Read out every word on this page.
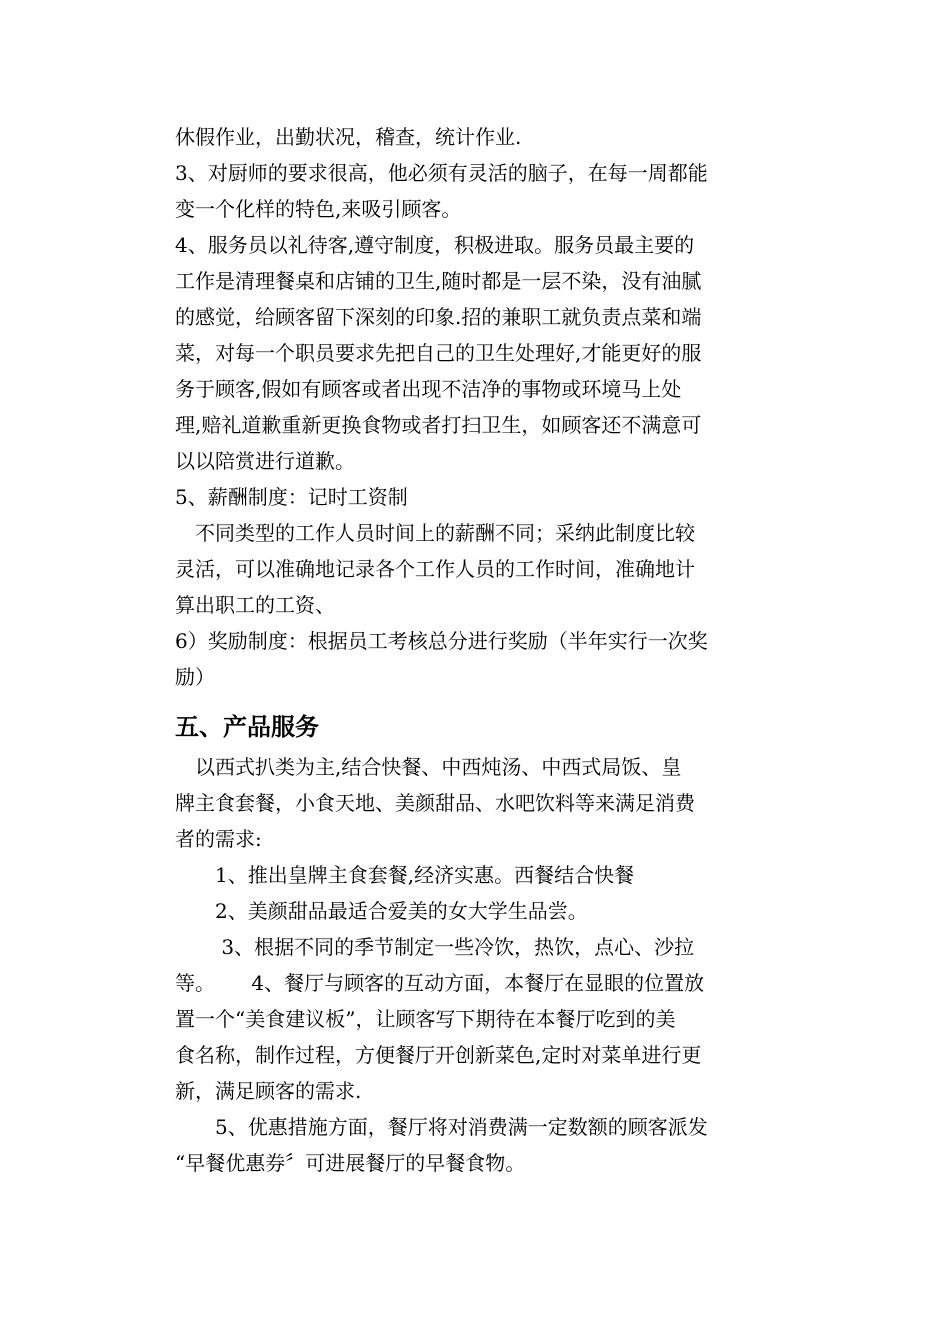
休假作业，出勤状况，稽查，统计作业.

3、对厨师的要求很高，他必须有灵活的脑子，在每一周都能

变一个化样的特色,来吸引顾客。

4、服务员以礼待客,遵守制度，积极进取。服务员最主要的

工作是清理餐桌和店铺的卫生,随时都是一层不染，没有油腻

的感觉，给顾客留下深刻的印象.招的兼职工就负责点菜和端

菜，对每一个职员要求先把自己的卫生处理好,才能更好的服

务于顾客,假如有顾客或者出现不洁净的事物或环境马上处

理,赔礼道歉重新更换食物或者打扫卫生，如顾客还不满意可

以以陪赏进行道歉。

5、薪酬制度：记时工资制

　不同类型的工作人员时间上的薪酬不同；采纳此制度比较

灵活，可以准确地记录各个工作人员的工作时间，准确地计

算出职工的工资、

6）奖励制度：根据员工考核总分进行奖励（半年实行一次奖

励）

五、产品服务

　以西式扒类为主,结合快餐、中西炖汤、中西式局饭、皇

牌主食套餐，小食天地、美颜甜品、水吧饮料等来满足消费

者的需求:

　　1、推出皇牌主食套餐,经济实惠。西餐结合快餐

　　2、美颜甜品最适合爱美的女大学生品尝。

　　 3、根据不同的季节制定一些冷饮，热饮，点心、沙拉

等。　　 4、餐厅与顾客的互动方面，本餐厅在显眼的位置放

置一个“美食建议板”，让顾客写下期待在本餐厅吃到的美

食名称，制作过程，方便餐厅开创新菜色,定时对菜单进行更

新，满足顾客的需求.

　　5、优惠措施方面，餐厅将对消费满一定数额的顾客派发

“早餐优惠券〞可进展餐厅的早餐食物。
